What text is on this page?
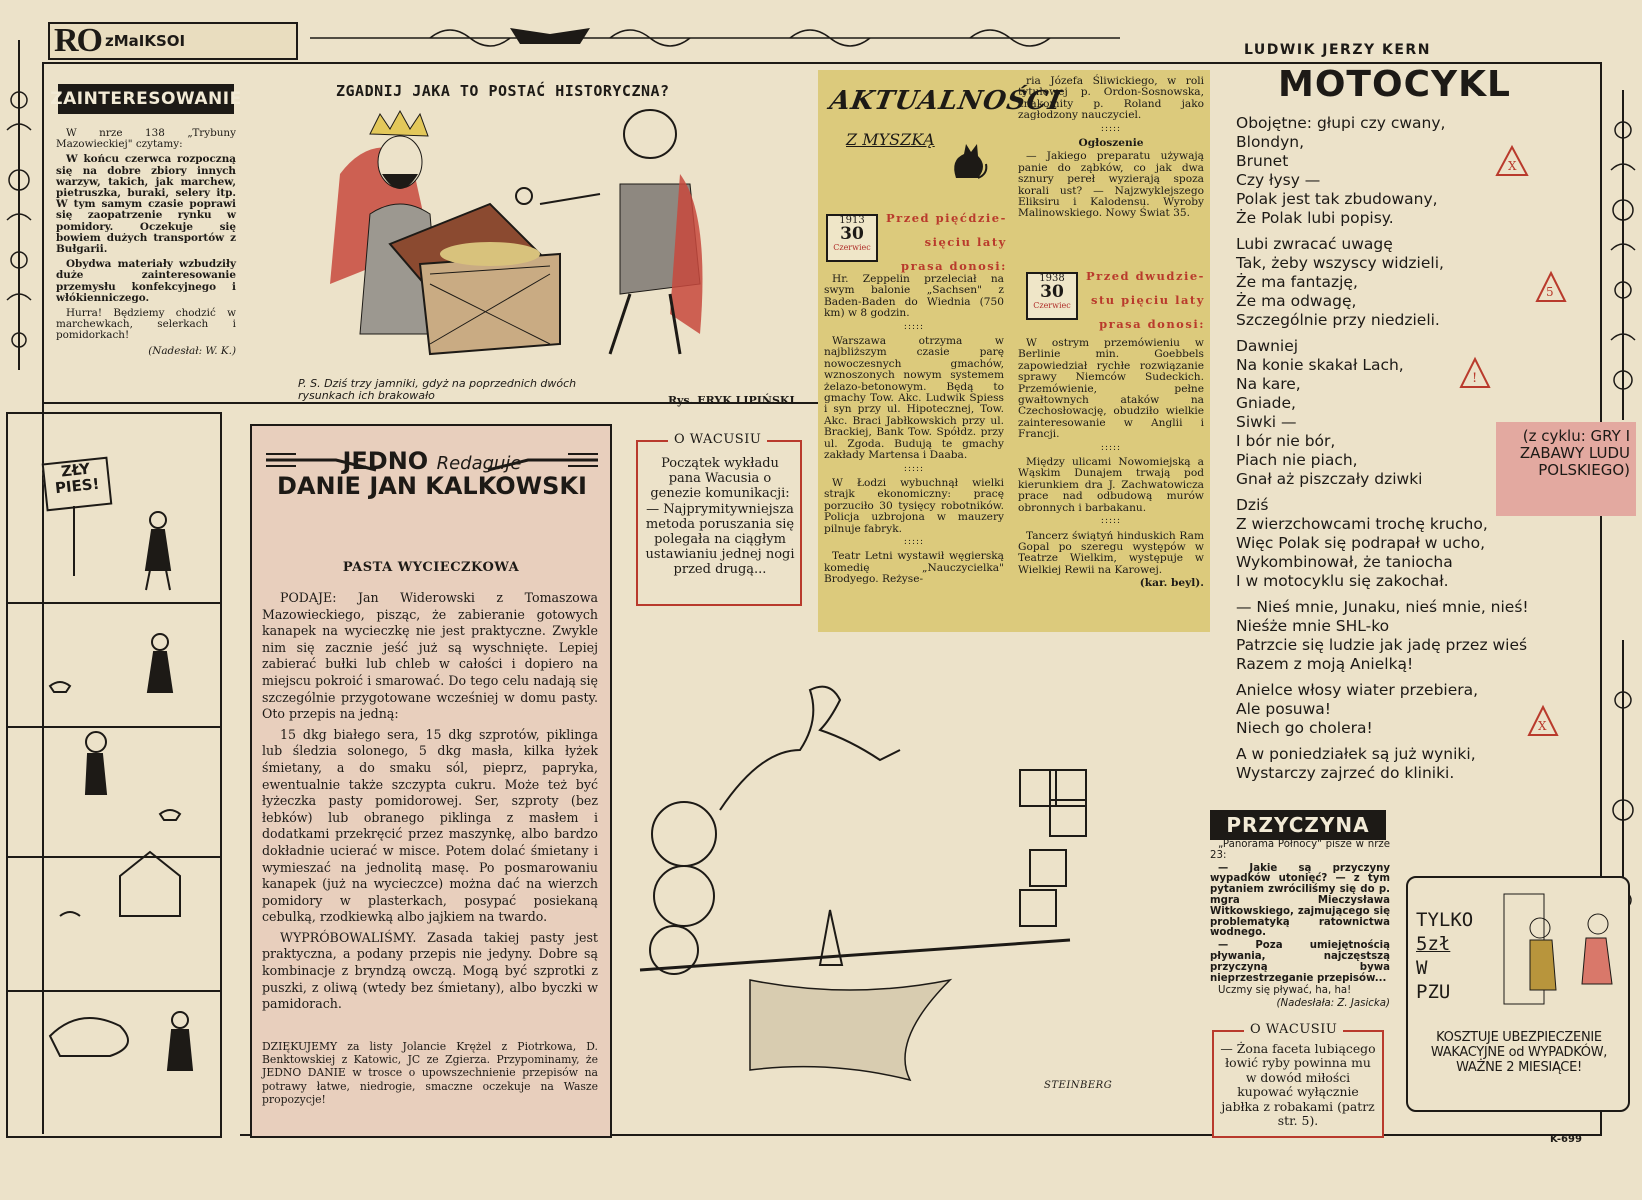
RO zMaIKSOI
ZAINTERESOWANIE

W nrze 138 „Trybuny Mazowieckiej" czytamy:

W końcu czerwca rozpoczną się na dobre zbiory innych warzyw, takich, jak marchew, pietruszka, buraki, selery itp. W tym samym czasie poprawi się zaopatrzenie rynku w pomidory. Oczekuje się bowiem dużych transportów z Bułgarii.

Obydwa materiały wzbudziły duże zainteresowanie przemysłu konfekcyjnego i włókienniczego.

Hurra! Będziemy chodzić w marchewkach, selerkach i pomidorkach!

(Nadesłał: W. K.)
ZGADNIJ JAKA TO POSTAĆ HISTORYCZNA?
P. S. Dziś trzy jamniki, gdyż na poprzednich dwóch rysunkach ich brakowało	Rys. ERYK LIPIŃSKI
AKTUALNOŚCI
Z MYSZKĄ
1913
30
Czerwiec
Przed pięćdzie-
sięciu laty
prasa donosi:

Hr. Zeppelin przeleciał na swym balonie „Sachsen" z Baden-Baden do Wiednia (750 km) w 8 godzin.

:::::

Warszawa otrzyma w najbliższym czasie parę nowoczesnych gmachów, wznoszonych nowym systemem żelazo-betonowym. Będą to gmachy Tow. Akc. Ludwik Spiess i syn przy ul. Hipotecznej, Tow. Akc. Braci Jabłkowskich przy ul. Brackiej, Bank Tow. Spółdz. przy ul. Zgoda. Budują te gmachy zakłady Martensa i Daaba.

:::::

W Łodzi wybuchnął wielki strajk ekonomiczny: pracę porzuciło 30 tysięcy robotników. Policja uzbrojona w mauzery pilnuje fabryk.

:::::

Teatr Letni wystawił węgierską komedię „Nauczycielka" Brodyego. Reżyse-

ria Józefa Śliwickiego, w roli tytułowej p. Ordon-Sosnowska, znakomity p. Roland jako zagłodzony nauczyciel.

:::::

Ogłoszenie

— Jakiego preparatu używają panie do ząbków, co jak dwa sznury pereł wyzierają spoza korali ust? — Najzwyklejszego Eliksiru i Kalodensu. Wyroby Malinowskiego. Nowy Świat 35.

1938
30
Czerwiec
Przed dwudzie-
stu pięciu laty
prasa donosi:

W ostrym przemówieniu w Berlinie min. Goebbels zapowiedział rychłe rozwiązanie sprawy Niemców Sudeckich. Przemówienie, pełne gwałtownych ataków na Czechosłowację, obudziło wielkie zainteresowanie w Anglii i Francji.

:::::

Między ulicami Nowomiejską a Wąskim Dunajem trwają pod kierunkiem dra J. Zachwatowicza prace nad odbudową murów obronnych i barbakanu.

:::::

Tancerz świątyń hinduskich Ram Gopal po szeregu występów w Teatrze Wielkim, występuje w Wielkiej Rewii na Karowej.

(kar. beyl).
LUDWIK JERZY KERN
MOTOCYKL
Obojętne: głupi czy cwany,
Blondyn,
Brunet
Czy łysy —
Polak jest tak zbudowany,
Że Polak lubi popisy.
Lubi zwracać uwagę
Tak, żeby wszyscy widzieli,
Że ma fantazję,
Że ma odwagę,
Szczególnie przy niedzieli.
Dawniej
Na konie skakał Lach,
Na kare,
Gniade,
Siwki —
I bór nie bór,
Piach nie piach,
Gnał aż piszczały dziwki
Dziś
Z wierzchowcami trochę krucho,
Więc Polak się podrapał w ucho,
Wykombinował, że taniocha
I w motocyklu się zakochał.
— Nieś mnie, Junaku, nieś mnie, nieś!
Nieśże mnie SHL-ko
Patrzcie się ludzie jak jadę przez wieś
Razem z moją Anielką!
Anielce włosy wiater przebiera,
Ale posuwa!
Niech go cholera!
A w poniedziałek są już wyniki,
Wystarczy zajrzeć do kliniki.
X
5
!
X
(z cyklu: GRY I ZABAWY LUDU POLSKIEGO)
JEDNO Redaguje
DANIE JAN KALKOWSKI
PASTA WYCIECZKOWA

PODAJE: Jan Widerowski z Tomaszowa Mazowieckiego, pisząc, że zabieranie gotowych kanapek na wycieczkę nie jest praktyczne. Zwykle nim się zacznie jeść już są wyschnięte. Lepiej zabierać bułki lub chleb w całości i dopiero na miejscu pokroić i smarować. Do tego celu nadają się szczególnie przygotowane wcześniej w domu pasty. Oto przepis na jedną:

15 dkg białego sera, 15 dkg szprotów, piklinga lub śledzia solonego, 5 dkg masła, kilka łyżek śmietany, a do smaku sól, pieprz, papryka, ewentualnie także szczypta cukru. Może też być łyżeczka pasty pomidorowej. Ser, szproty (bez łebków) lub obranego piklinga z masłem i dodatkami przekręcić przez maszynkę, albo bardzo dokładnie ucierać w misce. Potem dolać śmietany i wymieszać na jednolitą masę. Po posmarowaniu kanapek (już na wycieczce) można dać na wierzch pomidory w plasterkach, posypać posiekaną cebulką, rzodkiewką albo jajkiem na twardo.

WYPRÓBOWALIŚMY. Zasada takiej pasty jest praktyczna, a podany przepis nie jedyny. Dobre są kombinacje z bryndzą owczą. Mogą być szprotki z puszki, z oliwą (wtedy bez śmietany), albo byczki w pamidorach.

DZIĘKUJEMY za listy Jolancie Krężel z Piotrkowa, D. Benktowskiej z Katowic, JC ze Zgierza. Przypominamy, że JEDNO DANIE w trosce o upowszechnienie przepisów na potrawy łatwe, niedrogie, smaczne oczekuje na Wasze propozycje!
O WACUSIU
Początek wykładu pana Wacusia o genezie komunikacji: — Najprymitywniejsza metoda poruszania się polegała na ciągłym ustawianiu jednej nogi przed drugą...
STEINBERG
PRZYCZYNA

„Panorama Północy" pisze w nrze 23:

— Jakie są przyczyny wypadków utonięć? — z tym pytaniem zwróciliśmy się do p. mgra Mieczysława Witkowskiego, zajmującego się problematyką ratownictwa wodnego.

— Poza umiejętnością pływania, najczęstszą przyczyną bywa nieprzestrzeganie przepisów...

Uczmy się pływać, ha, ha!

(Nadesłała: Z. Jasicka)
O WACUSIU
— Żona faceta lubiącego łowić ryby powinna mu w dowód miłości kupować wyłącznie jabłka z robakami (patrz str. 5).
TYLKO
5zł
W
PZU
KOSZTUJE UBEZPIECZENIE WAKACYJNE od WYPADKÓW, WAŻNE 2 MIESIĄCE!
ZŁY PIES!
K-699
